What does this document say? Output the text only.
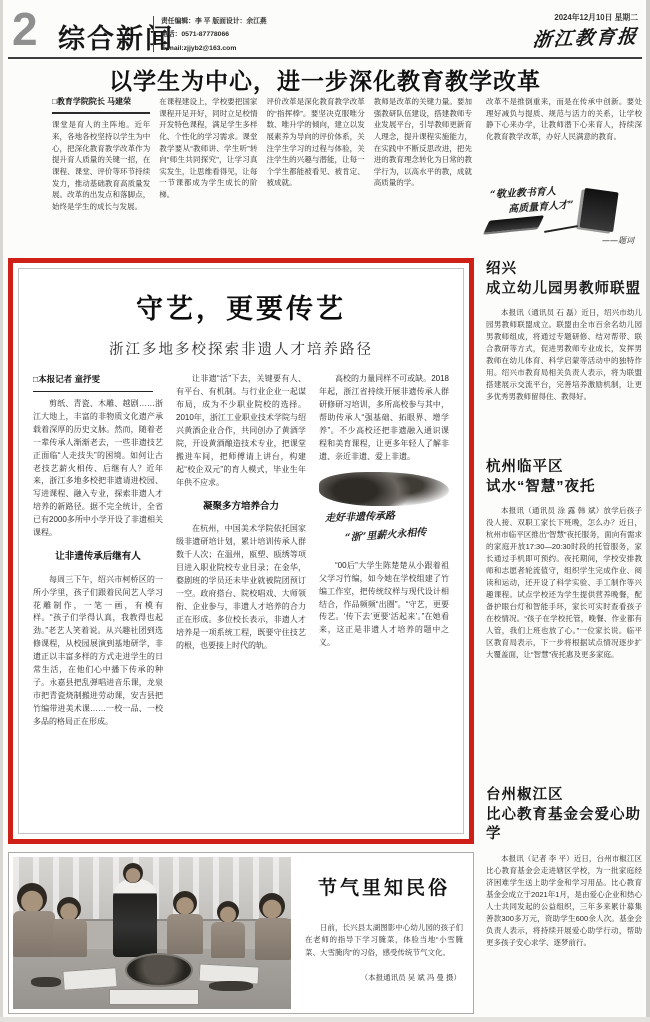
2 综合新闻
责任编辑：李 平 版面设计：余江燕
电话：0571-87778066
E-mail:zjjyb2@163.com
2024年12月10日 星期二
浙江教育报
以学生为中心，进一步深化教育教学改革
□教育学院院长 马建荣
课堂是育人的主阵地。近年来，各地各校坚持以学生为中心，把深化教育教学改革作为提升育人质量的关键一招，在课程、课堂、评价等环节持续发力，推动基础教育高质量发展。改革的出发点和落脚点，始终是学生的成长与发展。
在课程建设上，学校要把国家课程开足开好，同时立足校情开发特色课程，满足学生多样化、个性化的学习需求。课堂教学要从“教师讲、学生听”转向“师生共同探究”，让学习真实发生，让思维看得见，让每一节课都成为学生成长的阶梯。
评价改革是深化教育教学改革的“指挥棒”。要坚决克服唯分数、唯升学的倾向，建立以发展素养为导向的评价体系，关注学生学习的过程与体验，关注学生的兴趣与潜能，让每一个学生都能被看见、被肯定、被成就。
教师是改革的关键力量。要加强教研队伍建设，搭建教师专业发展平台，引导教师更新育人理念，提升课程实施能力，在实践中不断反思改进，把先进的教育理念转化为日常的教学行为，以高水平的教，成就高质量的学。
改革不是推倒重来，而是在传承中创新。要处理好减负与提质、规范与活力的关系，让学校静下心来办学，让教师潜下心来育人，持续深化教育教学改革，办好人民满意的教育。
“敬业教书育人
高质量育人才”
——题词
守艺，更要传艺
浙江多地多校探索非遗人才培养路径
□本报记者 童抒雯

剪纸、青瓷、木雕、越剧……浙江大地上，丰富的非物质文化遗产承载着深厚的历史文脉。然而，随着老一辈传承人渐渐老去，一些非遗技艺正面临“人走技失”的困境。如何让古老技艺薪火相传、后继有人？近年来，浙江多地多校把非遗请进校园、写进课程、融入专业，探索非遗人才培养的新路径。据不完全统计，全省已有2000多所中小学开设了非遗相关课程。

让非遗传承后继有人

每周三下午，绍兴市柯桥区的一所小学里，孩子们跟着民间艺人学习花雕制作，一笔一画，有模有样。“孩子们学得认真，我教得也起劲。”老艺人笑着说。从兴趣社团到选修课程，从校园展演到基地研学，非遗正以丰富多样的方式走进学生的日常生活，在他们心中播下传承的种子。永嘉县把乱弹唱进音乐课，龙泉市把青瓷烧制搬进劳动课，安吉县把竹编带进美术课……一校一品、一校多品的格局正在形成。

让非遗“活”下去，关键要有人、有平台、有机制。与行业企业一起谋布局，成为不少职业院校的选择。2010年，浙江工业职业技术学院与绍兴黄酒企业合作，共同创办了黄酒学院，开设黄酒酿造技术专业，把课堂搬进车间，把师傅请上讲台，构建起“校企双元”的育人模式，毕业生年年供不应求。

凝聚多方培养合力

在杭州，中国美术学院依托国家级非遗研培计划，累计培训传承人群数千人次；在温州，瓯塑、瓯绣等项目进入职业院校专业目录；在金华，婺剧班的学员还未毕业就被院团预订一空。政府搭台、院校唱戏、大师领衔、企业参与，非遗人才培养的合力正在形成。多位校长表示，非遗人才培养是一项系统工程，既要守住技艺的根，也要接上时代的轨。

高校的力量同样不可或缺。2018年起，浙江省持续开展非遗传承人群研修研习培训，多所高校参与其中，帮助传承人“强基础、拓眼界、增学养”。不少高校还把非遗融入通识课程和美育课程，让更多年轻人了解非遗、亲近非遗、爱上非遗。

走好非遗传承路
“浙”里薪火永相传

“00后”大学生陈楚楚从小跟着祖父学习竹编，如今她在学校组建了竹编工作室，把传统纹样与现代设计相结合，作品频频“出圈”。“守艺，更要传艺。‘传下去’更要‘活起来’。”在她看来，这正是非遗人才培养的题中之义。

绍兴
成立幼儿园男教师联盟
本报讯（通讯员 石 磊）近日，绍兴市幼儿园男教师联盟成立。联盟由全市百余名幼儿园男教师组成，将通过专题研修、结对帮带、联合教研等方式，促进男教师专业成长，发挥男教师在幼儿体育、科学启蒙等活动中的独特作用。绍兴市教育局相关负责人表示，将为联盟搭建展示交流平台，完善培养激励机制，让更多优秀男教师留得住、教得好。
杭州临平区
试水“智慧”夜托
本报讯（通讯员 涂 露 韩 斌）放学后孩子没人接、双职工家长下班晚，怎么办？近日，杭州市临平区推出“智慧”夜托服务，面向有需求的家庭开放17:30—20:30时段的托管服务，家长通过手机即可预约。夜托期间，学校安排教师和志愿者轮流值守，组织学生完成作业、阅读和运动，还开设了科学实验、手工制作等兴趣课程。试点学校还为学生提供营养晚餐，配备护眼台灯和智能手环，家长可实时查看孩子在校情况。“孩子在学校托管，晚餐、作业都有人管，我们上班也放了心。”一位家长说。临平区教育局表示，下一步将根据试点情况逐步扩大覆盖面，让“智慧”夜托惠及更多家庭。
台州椒江区
比心教育基金会爱心助学
本报讯（记者 李 平）近日，台州市椒江区比心教育基金会走进辖区学校，为一批家庭经济困难学生送上助学金和学习用品。比心教育基金会成立于2021年1月，是由爱心企业和热心人士共同发起的公益组织，三年多来累计募集善款300多万元，资助学生600余人次。基金会负责人表示，将持续开展爱心助学行动，帮助更多孩子安心求学、逐梦前行。
节气里知民俗
日前，长兴县太湖图影中心幼儿园的孩子们在老师的指导下学习腌菜，体验当地“小雪腌菜、大雪腌肉”的习俗，感受传统节气文化。
（本报通讯员 吴 斌 冯 曼 摄）
